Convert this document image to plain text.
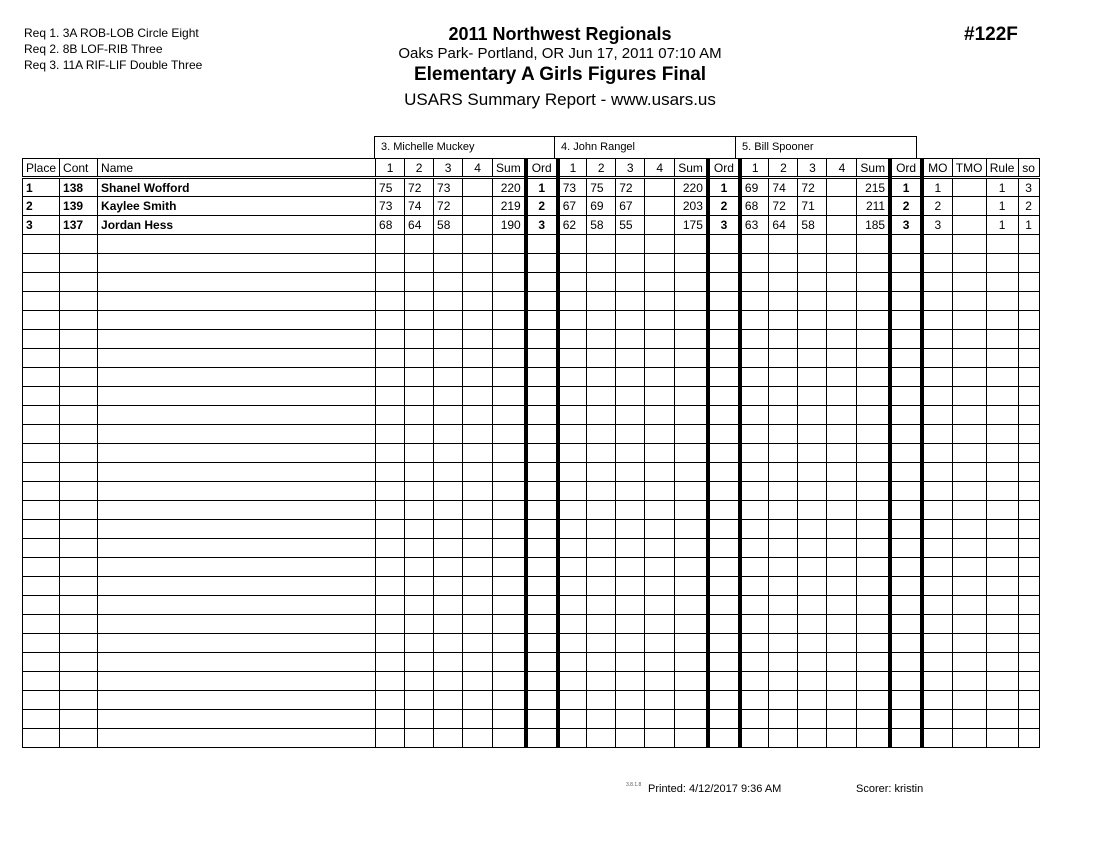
Req 1. 3A ROB-LOB Circle Eight
Req 2. 8B LOF-RIB Three
Req 3. 11A RIF-LIF Double Three
2011 Northwest Regionals
Oaks Park- Portland, OR Jun 17, 2011 07:10 AM
Elementary A Girls Figures Final
USARS Summary Report - www.usars.us
#122F
3. Michelle Muckey	4. John Rangel	5. Bill Spooner
Place	Cont	Name	1	2	3	4	Sum	Ord	1	2	3	4	Sum	Ord	1	2	3	4	Sum	Ord	MO	TMO	Rule	so
1	138	Shanel Wofford	75	72	73		220	1	73	75	72		220	1	69	74	72		215	1	1		1	3
2	139	Kaylee Smith	73	74	72		219	2	67	69	67		203	2	68	72	71		211	2	2		1	2
3	137	Jordan Hess	68	64	58		190	3	62	58	55		175	3	63	64	58		185	3	3		1	1

3.8.1.8 Printed: 4/12/2017 9:36 AM	Scorer: kristin
